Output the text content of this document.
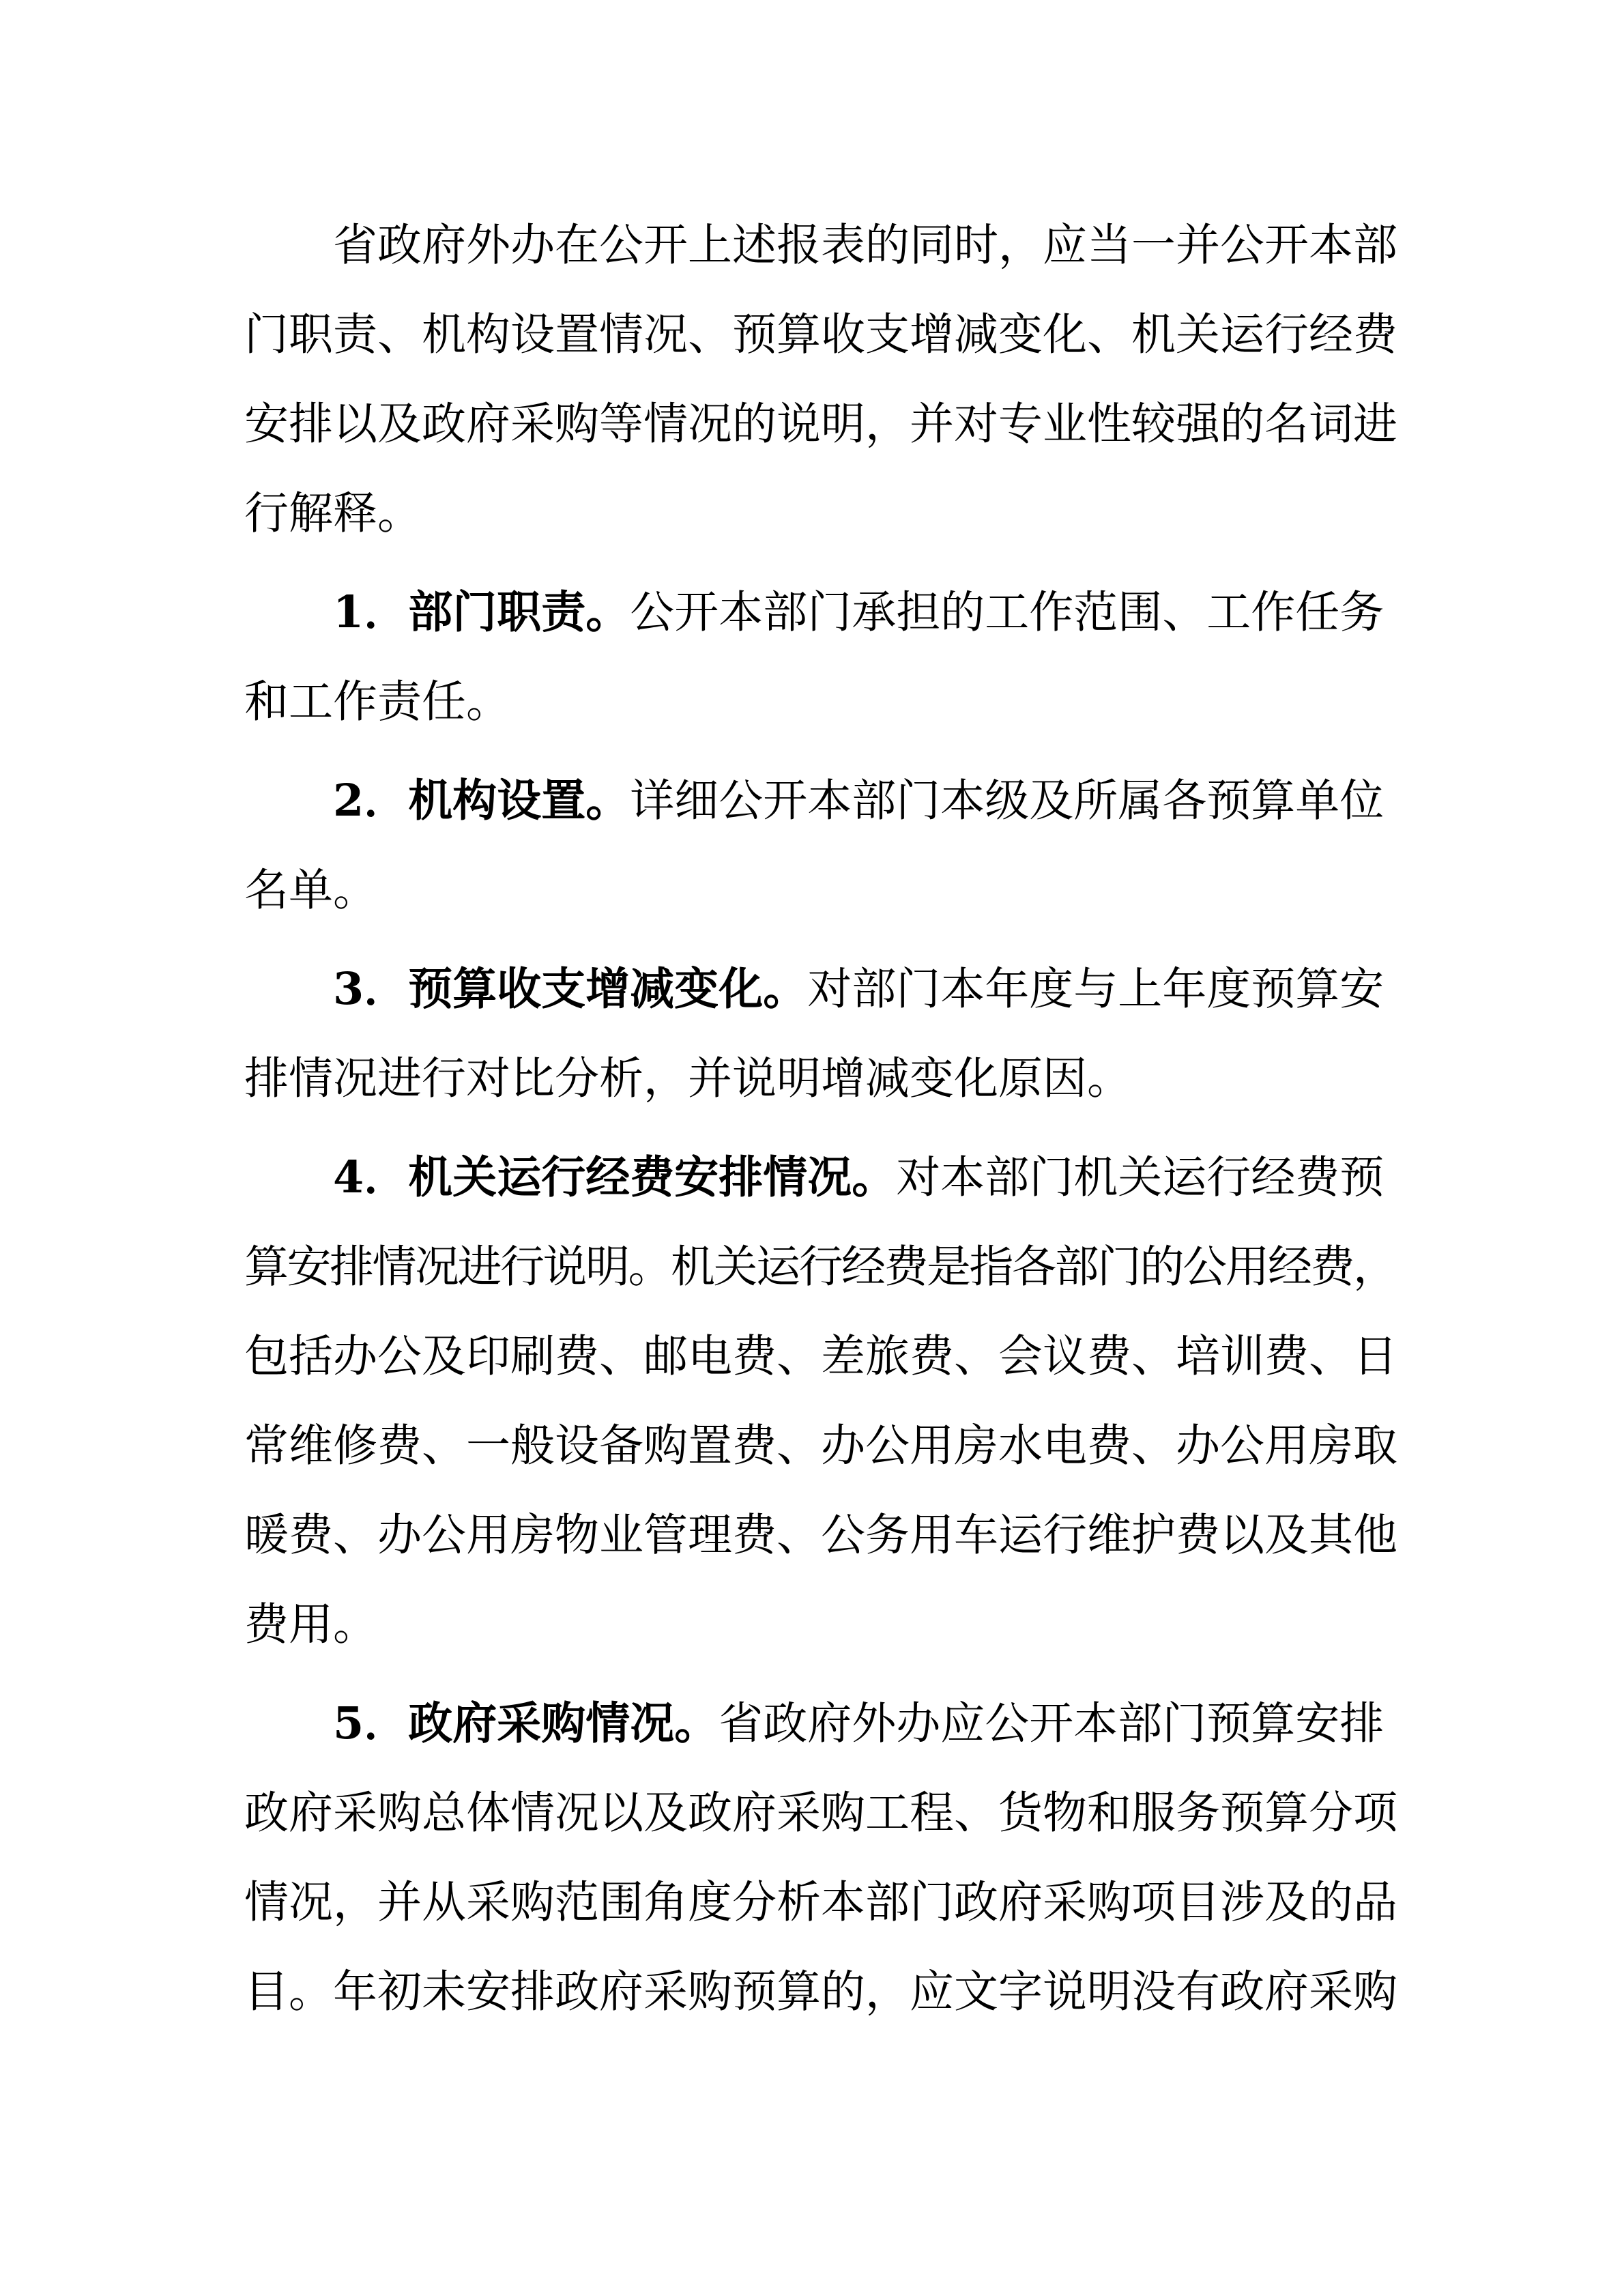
省政府外办在公开上述报表的同时，应当一并公开本部
门职责、机构设置情况、预算收支增减变化、机关运行经费
安排以及政府采购等情况的说明，并对专业性较强的名词进
行解释。

1．部门职责。公开本部门承担的工作范围、工作任务
和工作责任。

2．机构设置。详细公开本部门本级及所属各预算单位
名单。

3．预算收支增减变化。对部门本年度与上年度预算安
排情况进行对比分析，并说明增减变化原因。

4．机关运行经费安排情况。对本部门机关运行经费预
算安排情况进行说明。机关运行经费是指各部门的公用经费，
包括办公及印刷费、邮电费、差旅费、会议费、培训费、日
常维修费、一般设备购置费、办公用房水电费、办公用房取
暖费、办公用房物业管理费、公务用车运行维护费以及其他
费用。

5．政府采购情况。省政府外办应公开本部门预算安排
政府采购总体情况以及政府采购工程、货物和服务预算分项
情况，并从采购范围角度分析本部门政府采购项目涉及的品
目。年初未安排政府采购预算的，应文字说明没有政府采购
